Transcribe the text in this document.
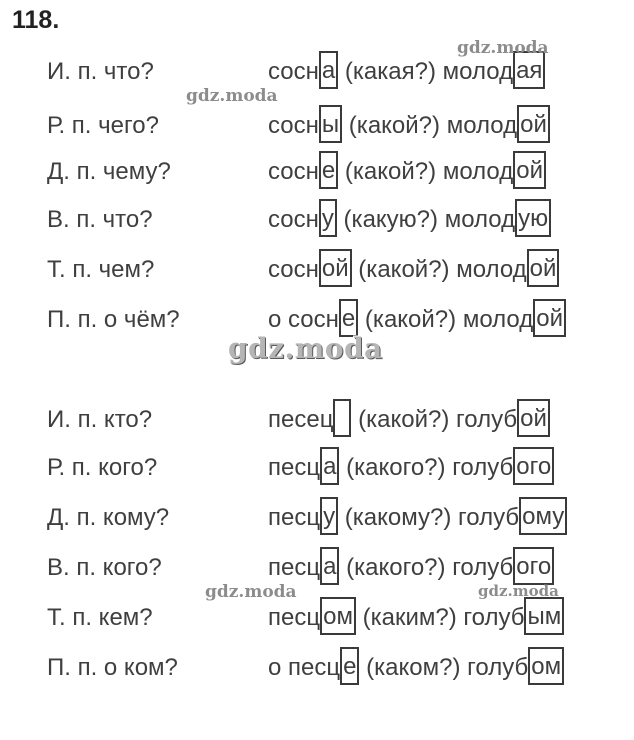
118.
И. п. что?	сосн а (какая?) молод ая
Р. п. чего?	сосн ы (какой?) молод ой
Д. п. чему?	сосн е (какой?) молод ой
В. п. что?	сосн у (какую?) молод ую
Т. п. чем?	сосн ой (какой?) молод ой
П. п. о чём?	о сосн е (какой?) молод ой
И. п. кто?	песец (какой?) голуб ой
Р. п. кого?	песц а (какого?) голуб ого
Д. п. кому?	песц у (какому?) голуб ому
В. п. кого?	песц а (какого?) голуб ого
Т. п. кем?	песц ом (каким?) голуб ым
П. п. о ком?	о песц е (каком?) голуб ом
gdz.moda
gdz.moda
gdz.moda
gdz.moda	gdz.moda
